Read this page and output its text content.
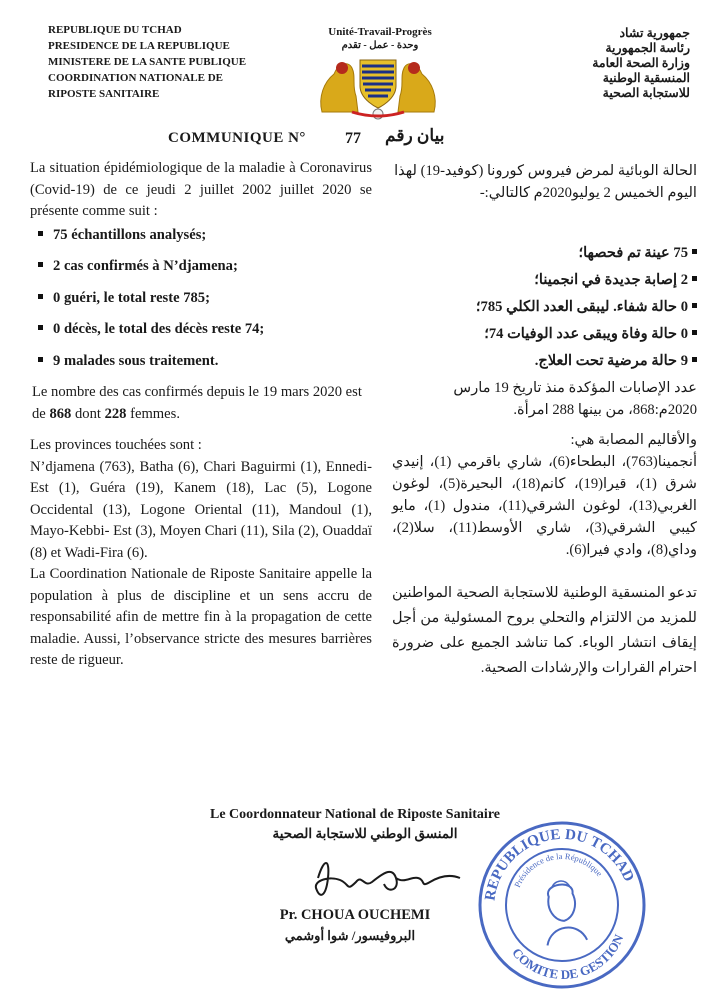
REPUBLIQUE DU TCHAD
PRESIDENCE DE LA REPUBLIQUE
MINISTERE DE LA SANTE PUBLIQUE
COORDINATION NATIONALE DE
RIPOSTE SANITAIRE
Unité-Travail-Progrès
وحدة - عمل - تقدم
جمهورية تشاد
رئاسة الجمهورية
وزارة الصحة العامة
المنسقية الوطنية
للاستجابة الصحية
COMMUNIQUE N° 77 بيان رقم

La situation épidémiologique de la maladie à Coronavirus (Covid-19) de ce jeudi 2 juillet 2002 juillet 2020 se présente comme suit :

75 échantillons analysés;
2 cas confirmés à N’djamena;
0 guéri, le total reste 785;
0 décès, le total des décès reste 74;
9 malades sous traitement.

Le nombre des cas confirmés depuis le 19 mars 2020 est de 868 dont 228 femmes.

Les provinces touchées sont :

N’djamena (763), Batha (6), Chari Baguirmi (1), Ennedi-Est (1), Guéra (19), Kanem (18), Lac (5), Logone Occidental (13), Logone Oriental (11), Mandoul (1), Mayo-Kebbi- Est (3), Moyen Chari (11), Sila (2), Ouaddaï (8) et Wadi-Fira (6).

La Coordination Nationale de Riposte Sanitaire appelle la population à plus de discipline et un sens accru de responsabilité afin de mettre fin à la propagation de cette maladie. Aussi, l’observance stricte des mesures barrières reste de rigueur.

الحالة الوبائية لمرض فيروس كورونا (كوفيد-19) لهذا اليوم الخميس 2 يوليو2020م كالتالي:-

75 عينة تم فحصها؛
2 إصابة جديدة في انجمينا؛
0 حالة شفاء. ليبقى العدد الكلي 785؛
0 حالة وفاة ويبقى عدد الوفيات 74؛
9 حالة مرضية تحت العلاج.

عدد الإصابات المؤكدة منذ تاريخ 19 مارس 2020م:868، من بينها 288 امرأة.

والأقاليم المصابة هي:

أنجمينا(763)، البطحاء(6)، شاري باقرمي (1)، إنيدي شرق (1)، قيرا(19)، كانم(18)، البحيرة(5)، لوغون الغربي(13)، لوغون الشرقي(11)، مندول (1)، مايو كيبي الشرقي(3)، شاري الأوسط(11)، سلا(2)، وداي(8)، وادي فيرا(6).

تدعو المنسقية الوطنية للاستجابة الصحية المواطنين للمزيد من الالتزام والتحلي بروح المسئولية من أجل إيقاف انتشار الوباء. كما تناشد الجميع على ضرورة احترام القرارات والإرشادات الصحية.

Le Coordonnateur National de Riposte Sanitaire
المنسق الوطني للاستجابة الصحية
Pr. CHOUA OUCHEMI
البروفيسور/ شوا أوشمي
REPUBLIQUE DU TCHAD
COMITE DE GESTION
Présidence de la République
